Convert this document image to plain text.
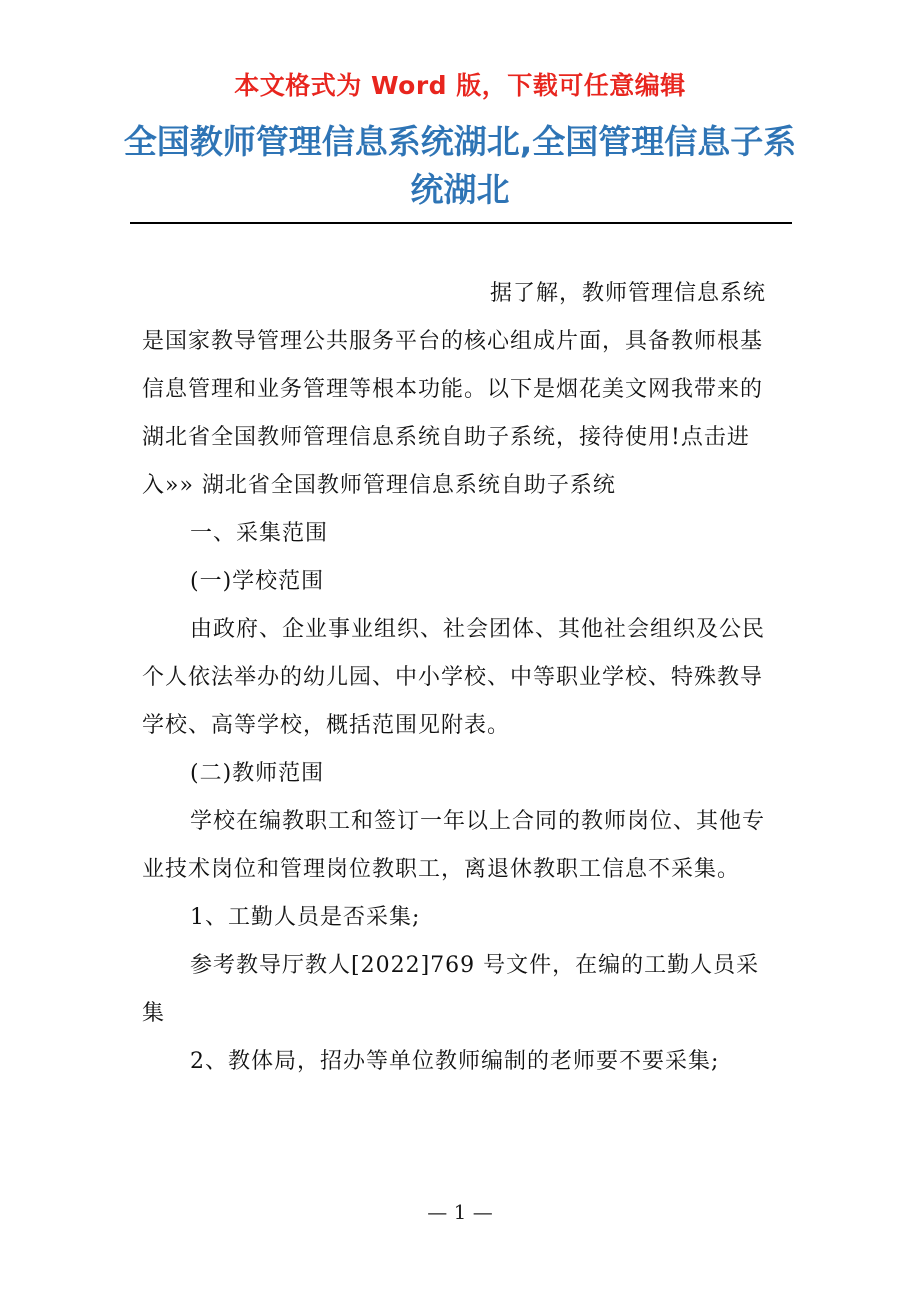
本文格式为 Word 版，下载可任意编辑
全国教师管理信息系统湖北,全国管理信息子系统湖北

据了解，教师管理信息系统是国家教导管理公共服务平台的核心组成片面，具备教师根基信息管理和业务管理等根本功能。以下是烟花美文网我带来的湖北省全国教师管理信息系统自助子系统，接待使用!点击进入»» 湖北省全国教师管理信息系统自助子系统

一、采集范围

(一)学校范围

由政府、企业事业组织、社会团体、其他社会组织及公民个人依法举办的幼儿园、中小学校、中等职业学校、特殊教导学校、高等学校，概括范围见附表。

(二)教师范围

学校在编教职工和签订一年以上合同的教师岗位、其他专业技术岗位和管理岗位教职工，离退休教职工信息不采集。

1、工勤人员是否采集;

参考教导厅教人[2022]769 号文件，在编的工勤人员采集

2、教体局，招办等单位教师编制的老师要不要采集;

— 1 —
